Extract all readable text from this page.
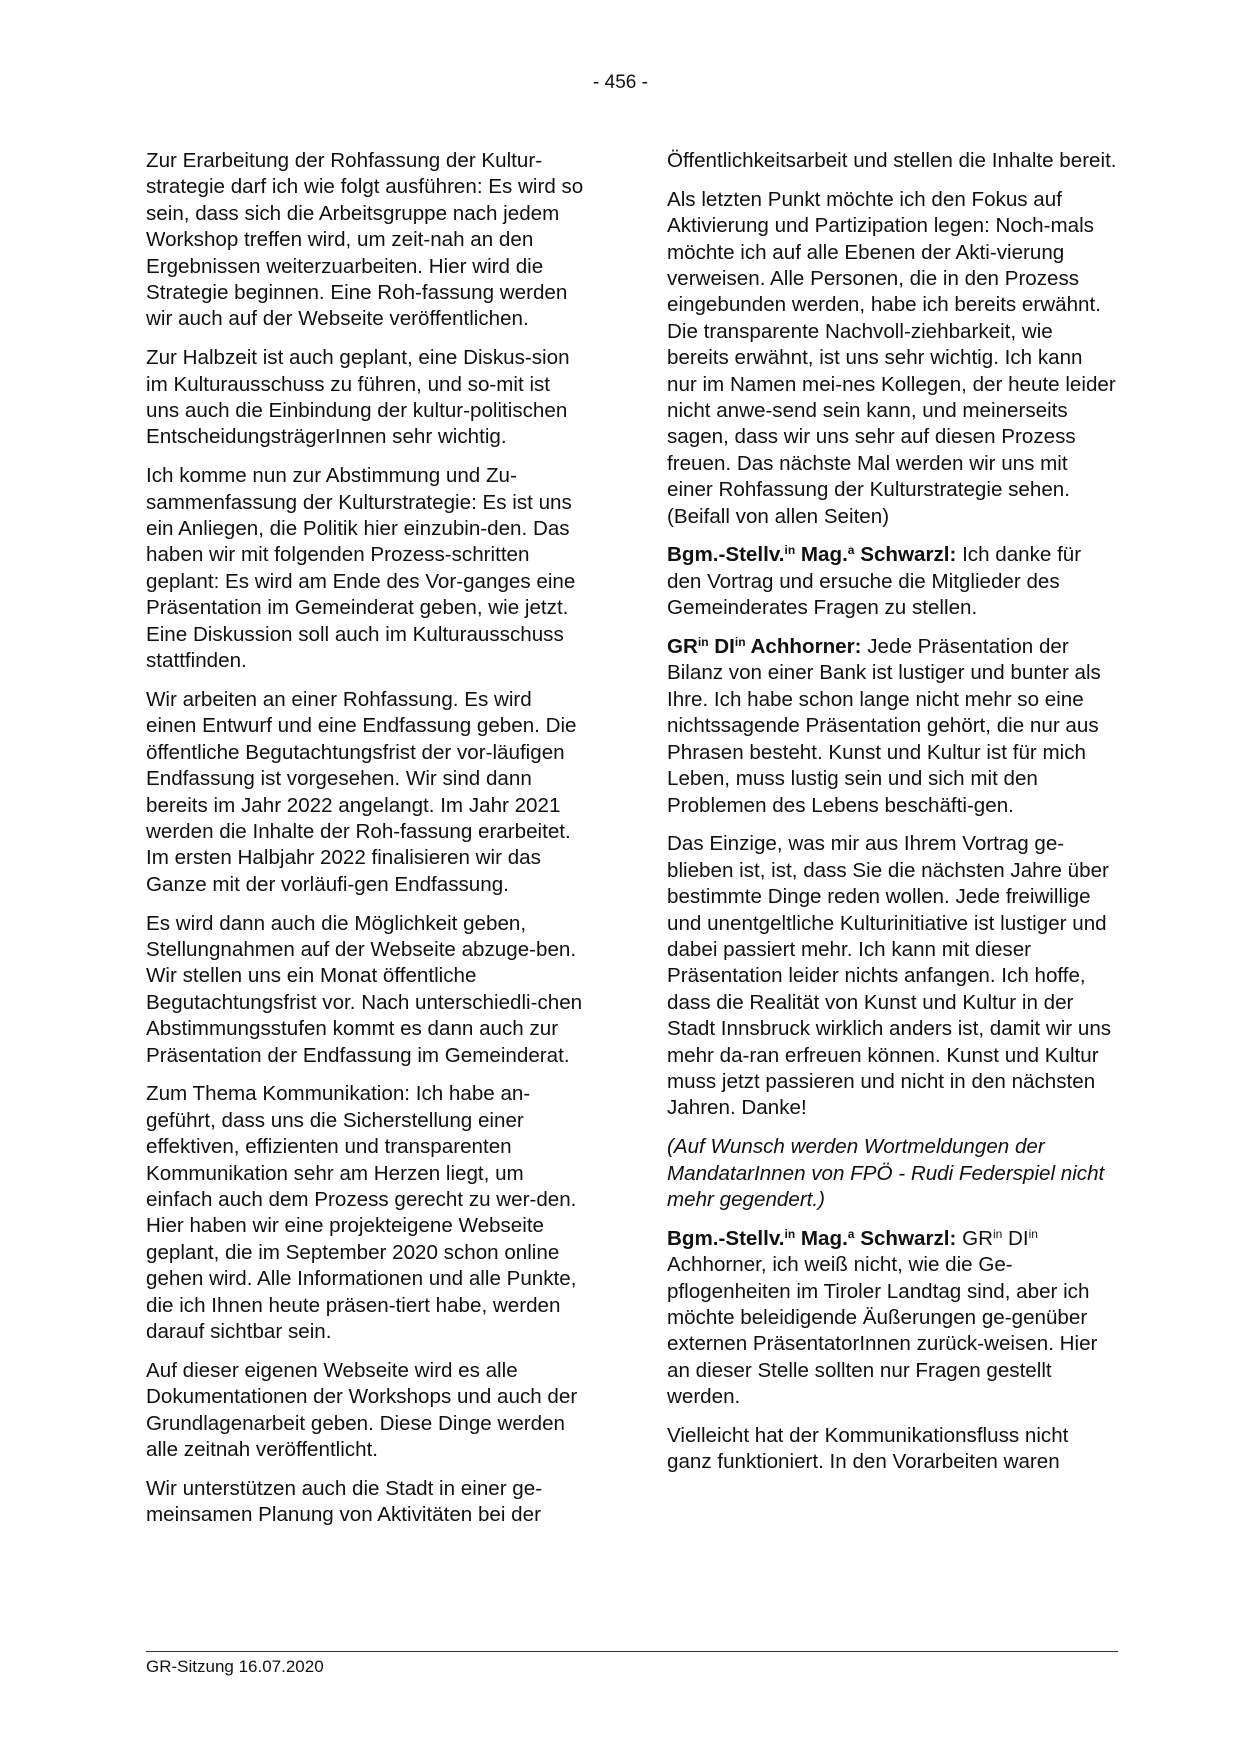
- 456 -

Zur Erarbeitung der Rohfassung der Kultur-strategie darf ich wie folgt ausführen: Es wird so sein, dass sich die Arbeitsgruppe nach jedem Workshop treffen wird, um zeit-nah an den Ergebnissen weiterzuarbeiten. Hier wird die Strategie beginnen. Eine Roh-fassung werden wir auch auf der Webseite veröffentlichen.

Zur Halbzeit ist auch geplant, eine Diskus-sion im Kulturausschuss zu führen, und so-mit ist uns auch die Einbindung der kultur-politischen EntscheidungsträgerInnen sehr wichtig.

Ich komme nun zur Abstimmung und Zu-sammenfassung der Kulturstrategie: Es ist uns ein Anliegen, die Politik hier einzubin-den. Das haben wir mit folgenden Prozess-schritten geplant: Es wird am Ende des Vor-ganges eine Präsentation im Gemeinderat geben, wie jetzt. Eine Diskussion soll auch im Kulturausschuss stattfinden.

Wir arbeiten an einer Rohfassung. Es wird einen Entwurf und eine Endfassung geben. Die öffentliche Begutachtungsfrist der vor-läufigen Endfassung ist vorgesehen. Wir sind dann bereits im Jahr 2022 angelangt. Im Jahr 2021 werden die Inhalte der Roh-fassung erarbeitet. Im ersten Halbjahr 2022 finalisieren wir das Ganze mit der vorläufi-gen Endfassung.

Es wird dann auch die Möglichkeit geben, Stellungnahmen auf der Webseite abzuge-ben. Wir stellen uns ein Monat öffentliche Begutachtungsfrist vor. Nach unterschiedli-chen Abstimmungsstufen kommt es dann auch zur Präsentation der Endfassung im Gemeinderat.

Zum Thema Kommunikation: Ich habe an-geführt, dass uns die Sicherstellung einer effektiven, effizienten und transparenten Kommunikation sehr am Herzen liegt, um einfach auch dem Prozess gerecht zu wer-den. Hier haben wir eine projekteigene Webseite geplant, die im September 2020 schon online gehen wird. Alle Informationen und alle Punkte, die ich Ihnen heute präsen-tiert habe, werden darauf sichtbar sein.

Auf dieser eigenen Webseite wird es alle Dokumentationen der Workshops und auch der Grundlagenarbeit geben. Diese Dinge werden alle zeitnah veröffentlicht.

Wir unterstützen auch die Stadt in einer ge-meinsamen Planung von Aktivitäten bei der

Öffentlichkeitsarbeit und stellen die Inhalte bereit.

Als letzten Punkt möchte ich den Fokus auf Aktivierung und Partizipation legen: Noch-mals möchte ich auf alle Ebenen der Akti-vierung verweisen. Alle Personen, die in den Prozess eingebunden werden, habe ich bereits erwähnt. Die transparente Nachvoll-ziehbarkeit, wie bereits erwähnt, ist uns sehr wichtig. Ich kann nur im Namen mei-nes Kollegen, der heute leider nicht anwe-send sein kann, und meinerseits sagen, dass wir uns sehr auf diesen Prozess freuen. Das nächste Mal werden wir uns mit einer Rohfassung der Kulturstrategie sehen. (Beifall von allen Seiten)

Bgm.-Stellv.$^{in}$ Mag.$^a$ Schwarzl: Ich danke für den Vortrag und ersuche die Mitglieder des Gemeinderates Fragen zu stellen.

$GR^{in}$ $DI^{in}$ Achhorner: Jede Präsentation der Bilanz von einer Bank ist lustiger und bunter als Ihre. Ich habe schon lange nicht mehr so eine nichtssagende Präsentation gehört, die nur aus Phrasen besteht. Kunst und Kultur ist für mich Leben, muss lustig sein und sich mit den Problemen des Lebens beschäfti-gen.

Das Einzige, was mir aus Ihrem Vortrag ge-blieben ist, ist, dass Sie die nächsten Jahre über bestimmte Dinge reden wollen. Jede freiwillige und unentgeltliche Kulturinitiative ist lustiger und dabei passiert mehr. Ich kann mit dieser Präsentation leider nichts anfangen. Ich hoffe, dass die Realität von Kunst und Kultur in der Stadt Innsbruck wirklich anders ist, damit wir uns mehr da-ran erfreuen können. Kunst und Kultur muss jetzt passieren und nicht in den nächsten Jahren. Danke!

(Auf Wunsch werden Wortmeldungen der MandatarInnen von FPÖ - Rudi Federspiel nicht mehr gegendert.)

Bgm.-Stellv.$^{in}$ Mag.$^a$ Schwarzl: $GR^{in}$ $DI^{in}$ Achhorner, ich weiß nicht, wie die Ge-pflogenheiten im Tiroler Landtag sind, aber ich möchte beleidigende Äußerungen ge-genüber externen PräsentatorInnen zurück-weisen. Hier an dieser Stelle sollten nur Fragen gestellt werden.

Vielleicht hat der Kommunikationsfluss nicht ganz funktioniert. In den Vorarbeiten waren

GR-Sitzung 16.07.2020
